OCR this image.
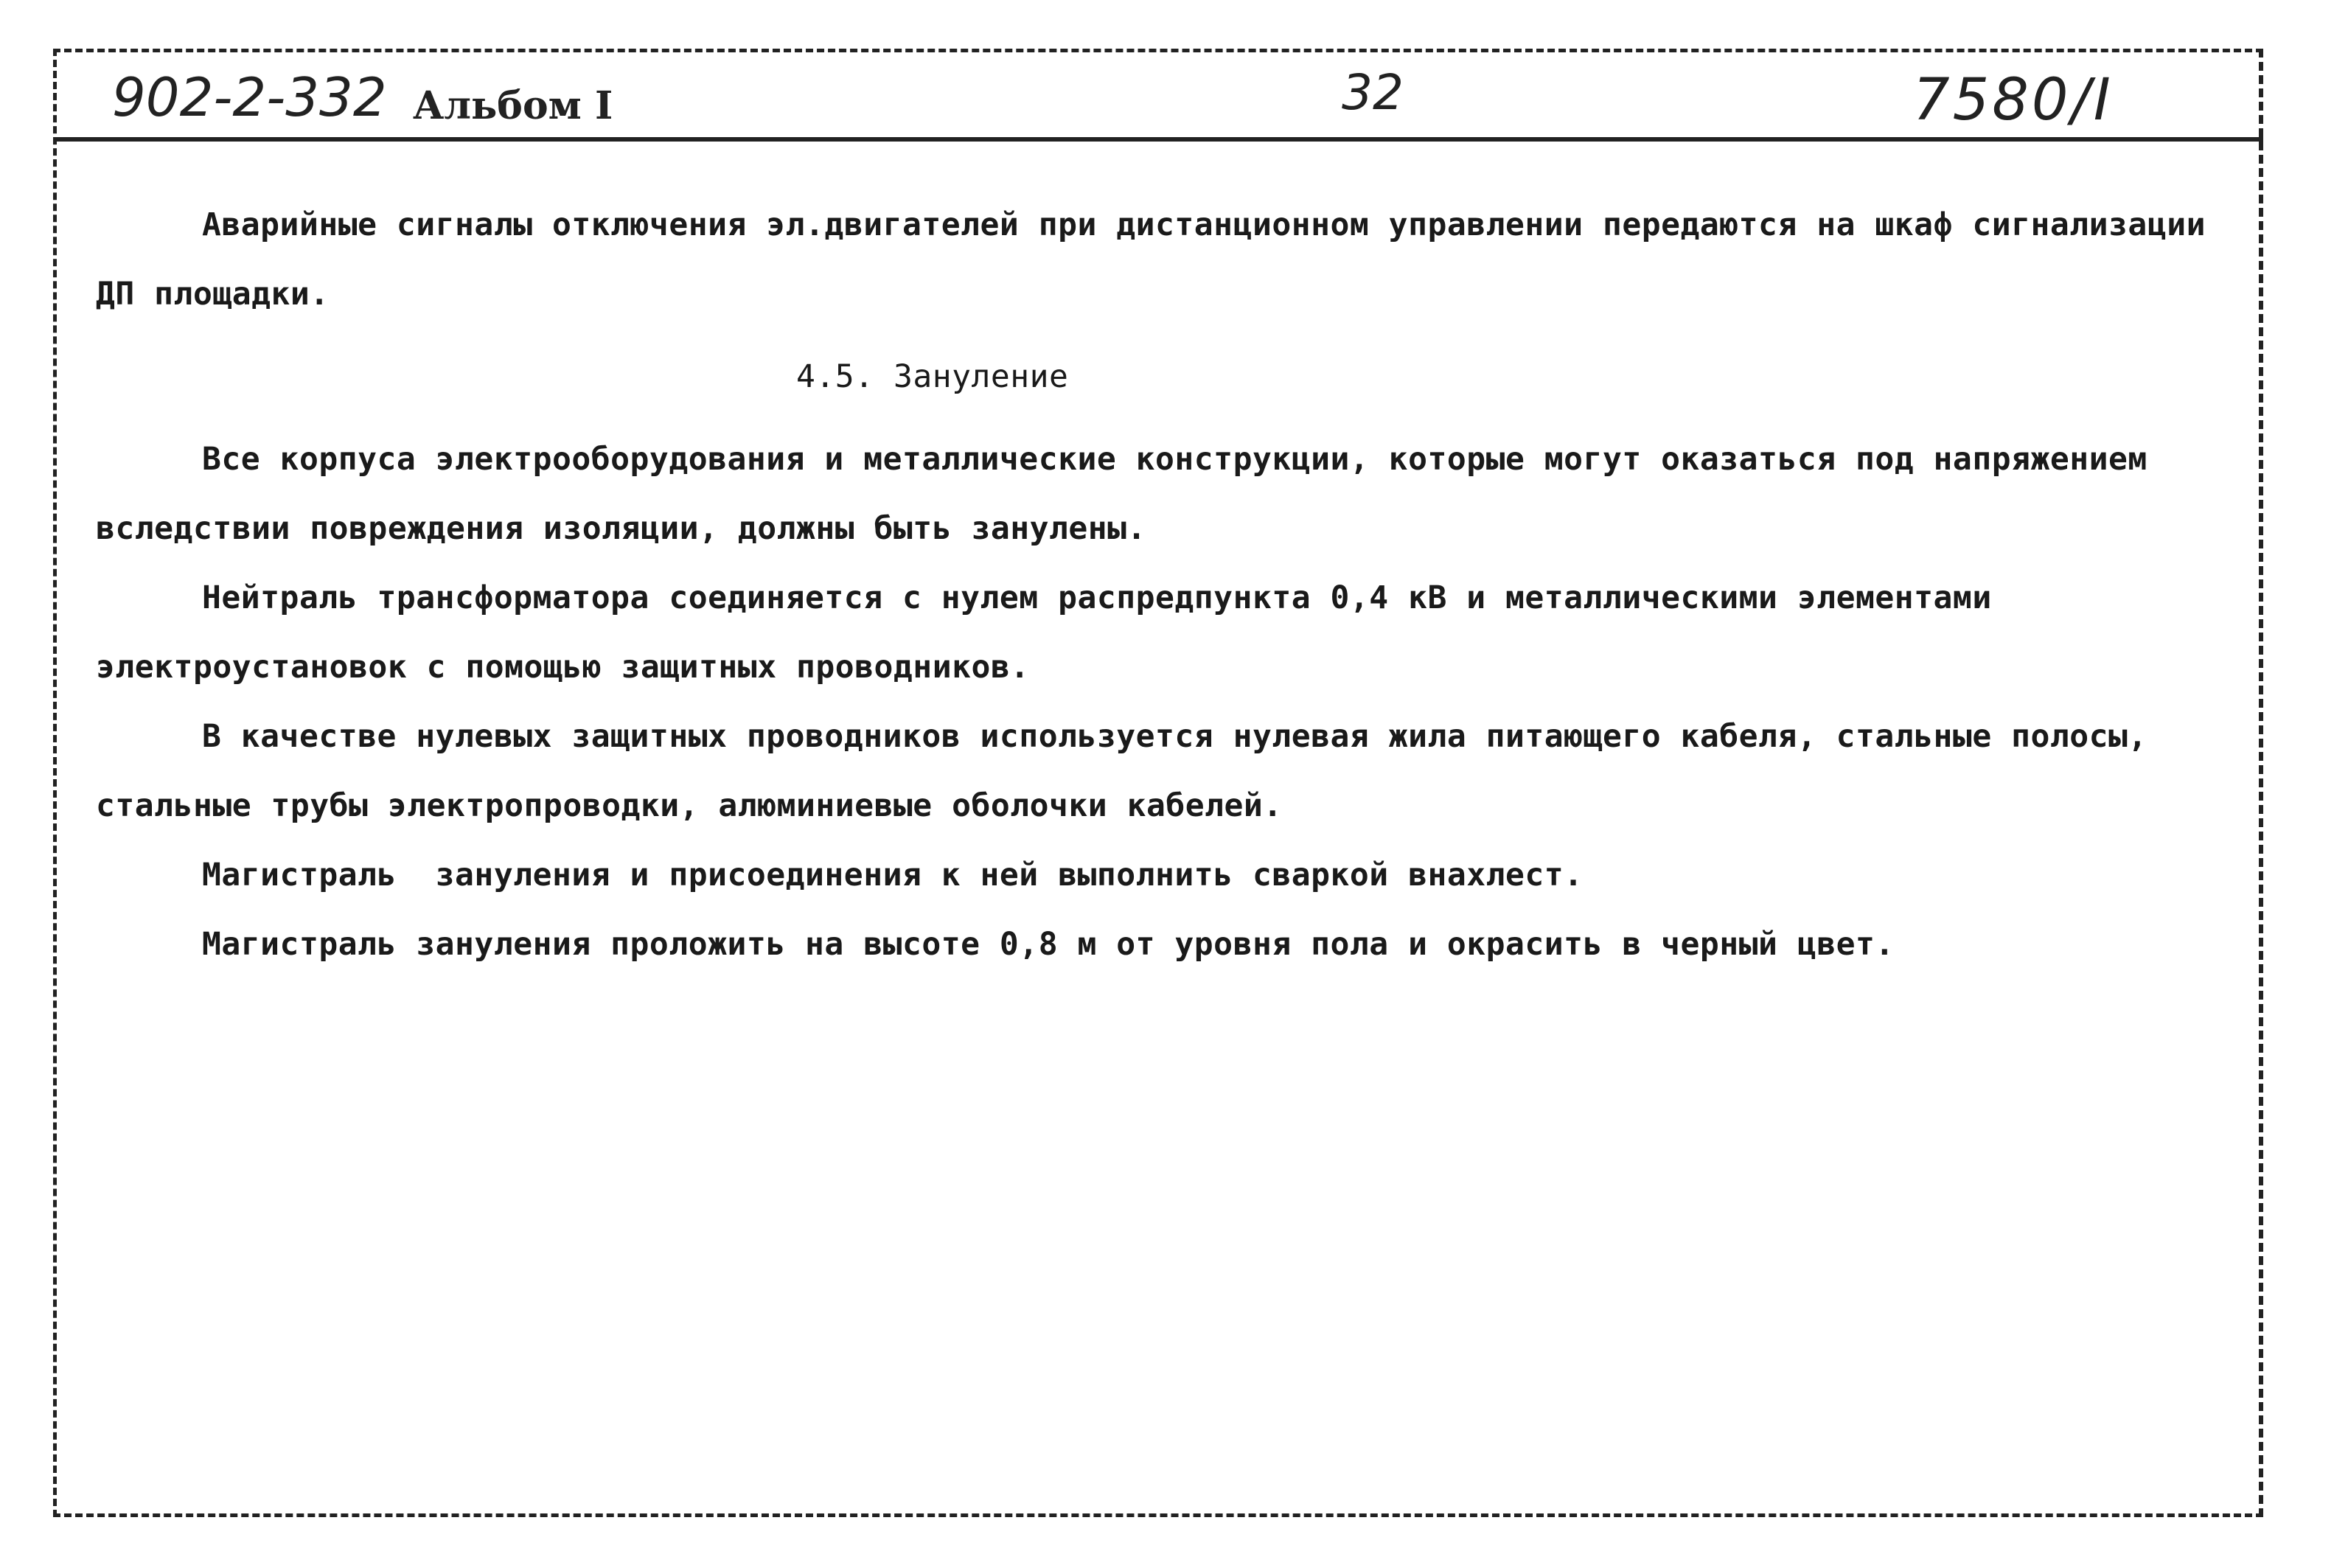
902-2-332 Альбом I	32	7580/I

Аварийные сигналы отключения эл.двигателей при дистанционном управлении передаются на шкаф сигнализации ДП площадки.

4.5. Зануление

Все корпуса электрооборудования и металлические конструкции, которые могут оказаться под напряжением вследствии повреждения изоляции, должны быть занулены.

Нейтраль трансформатора соединяется с нулем распредпункта 0,4 кВ и металлическими элементами электроустановок с помощью защитных проводников.

В качестве нулевых защитных проводников используется нулевая жила питающего кабеля, стальные полосы, стальные трубы электропроводки, алюминиевые оболочки кабелей.

Магистраль  зануления и присоединения к ней выполнить сваркой внахлест.

Магистраль зануления проложить на высоте 0,8 м от уровня пола и окрасить в черный цвет.
